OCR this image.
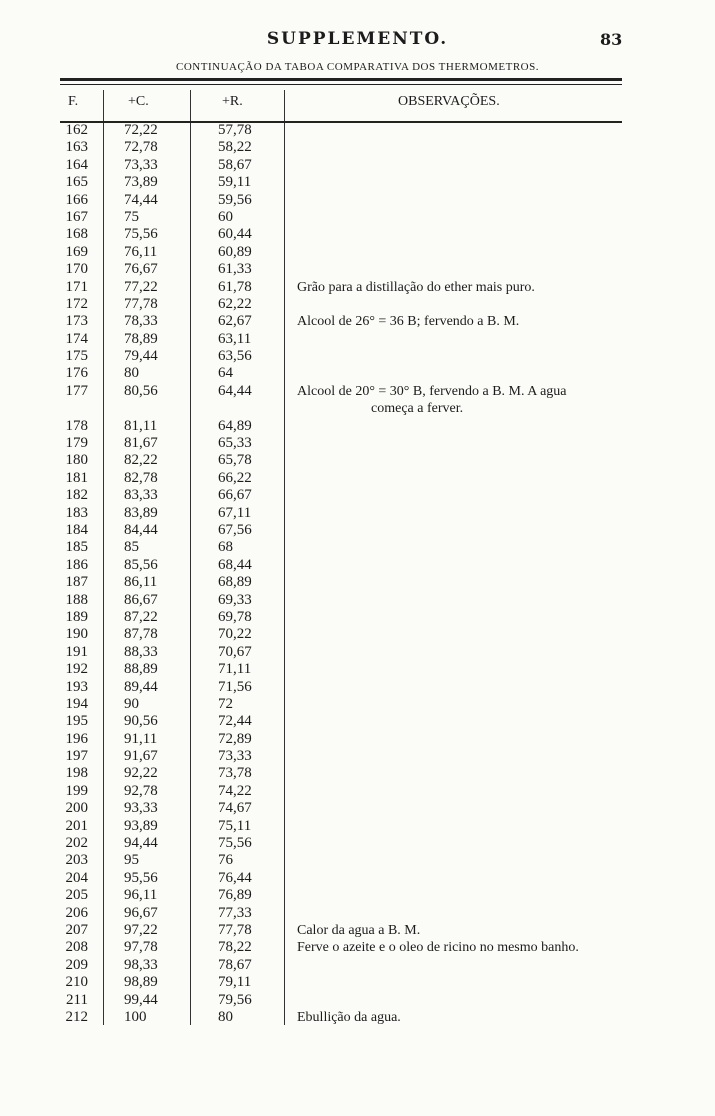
SUPPLEMENTO.	83
CONTINUAÇÃO DA TABOA COMPARATIVA DOS THERMOMETROS.
F.	+C.	+R.	OBSERVAÇÕES.
162 72,22	57,78
163 72,78	58,22
164 73,33	58,67
165 73,89	59,11
166 74,44	59,56
167 75	60
168 75,56	60,44
169 76,11	60,89
170 76,67	61,33
171 77,22	61,78	Grão para a distillação do ether mais puro.
172 77,78	62,22
173 78,33	62,67	Alcool de 26° = 36 B; fervendo a B. M.
174 78,89	63,11
175 79,44	63,56
176 80	64
177 80,56	64,44	Alcool de 20° = 30° B, fervendo a B. M. A agua
começa a ferver.
178 81,11	64,89
179 81,67	65,33
180 82,22	65,78
181 82,78	66,22
182 83,33	66,67
183 83,89	67,11
184 84,44	67,56
185 85	68
186 85,56	68,44
187 86,11	68,89
188 86,67	69,33
189 87,22	69,78
190 87,78	70,22
191 88,33	70,67
192 88,89	71,11
193 89,44	71,56
194 90	72
195 90,56	72,44
196 91,11	72,89
197 91,67	73,33
198 92,22	73,78
199 92,78	74,22
200 93,33	74,67
201 93,89	75,11
202 94,44	75,56
203 95	76
204 95,56	76,44
205 96,11	76,89
206 96,67	77,33
207 97,22	77,78	Calor da agua a B. M.
208 97,78	78,22	Ferve o azeite e o oleo de ricino no mesmo banho.
209 98,33	78,67
210 98,89	79,11
211 99,44	79,56
212 100	80	Ebullição da agua.
